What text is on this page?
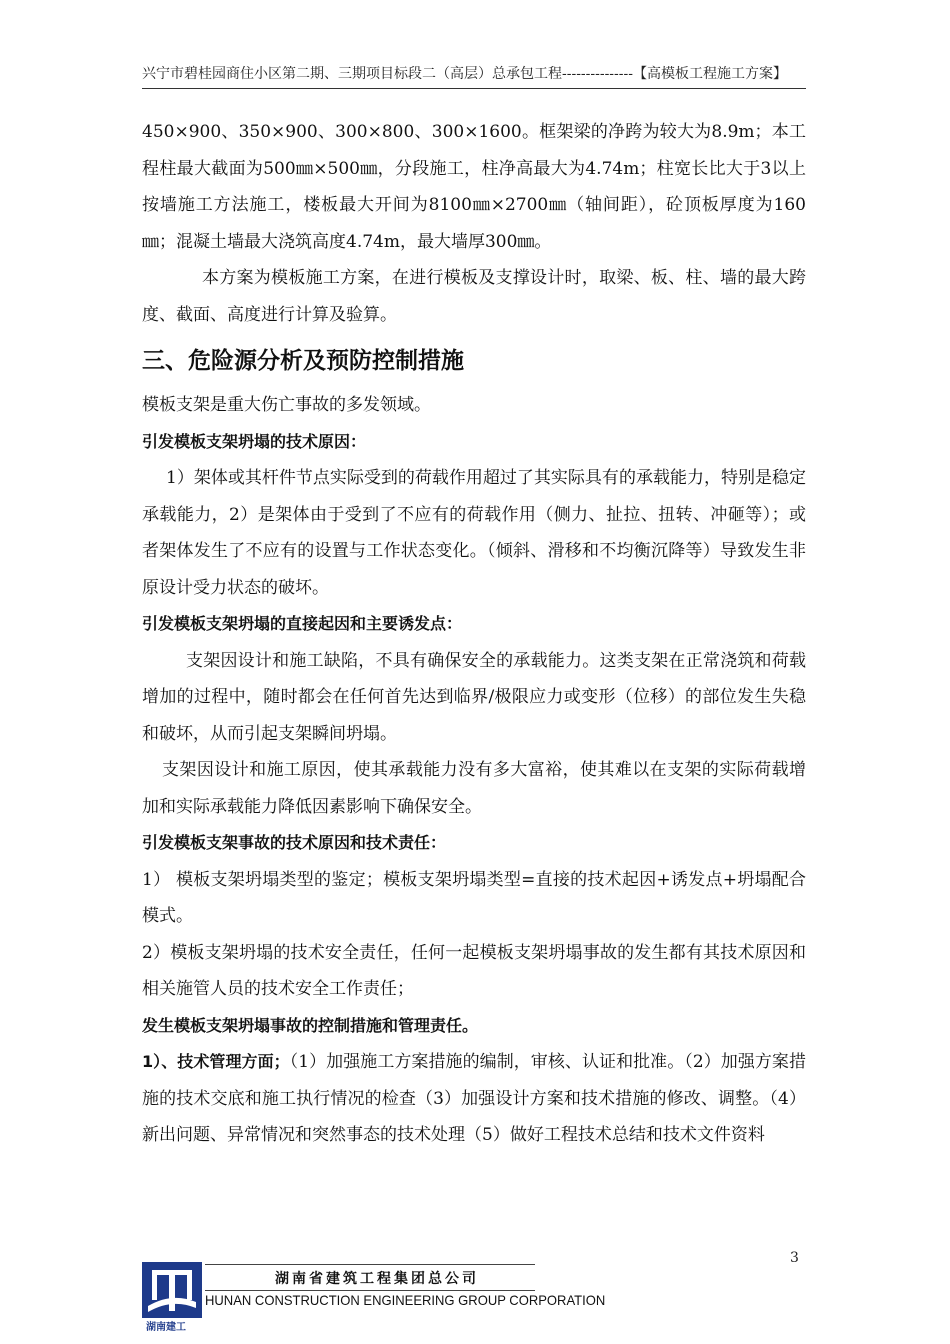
兴宁市碧桂园商住小区第二期、三期项目标段二（高层）总承包工程---------------【高模板工程施工方案】

450×900、350×900、300×800、300×1600。框架梁的净跨为较大为8.9m；本工程柱最大截面为500㎜×500㎜，分段施工，柱净高最大为4.74m；柱宽长比大于3以上按墙施工方法施工，楼板最大开间为8100㎜×2700㎜（轴间距），砼顶板厚度为160㎜；混凝土墙最大浇筑高度4.74m，最大墙厚300㎜。

本方案为模板施工方案，在进行模板及支撑设计时，取梁、板、柱、墙的最大跨度、截面、高度进行计算及验算。

三、危险源分析及预防控制措施

模板支架是重大伤亡事故的多发领域。

引发模板支架坍塌的技术原因：

1）架体或其杆件节点实际受到的荷载作用超过了其实际具有的承载能力，特别是稳定承载能力，2）是架体由于受到了不应有的荷载作用（侧力、扯拉、扭转、冲砸等）；或者架体发生了不应有的设置与工作状态变化。（倾斜、滑移和不均衡沉降等）导致发生非原设计受力状态的破坏。

引发模板支架坍塌的直接起因和主要诱发点：

支架因设计和施工缺陷，不具有确保安全的承载能力。这类支架在正常浇筑和荷载增加的过程中，随时都会在任何首先达到临界/极限应力或变形（位移）的部位发生失稳和破坏，从而引起支架瞬间坍塌。

支架因设计和施工原因，使其承载能力没有多大富裕，使其难以在支架的实际荷载增加和实际承载能力降低因素影响下确保安全。

引发模板支架事故的技术原因和技术责任：

1） 模板支架坍塌类型的鉴定；模板支架坍塌类型=直接的技术起因+诱发点+坍塌配合模式。

2）模板支架坍塌的技术安全责任，任何一起模板支架坍塌事故的发生都有其技术原因和相关施管人员的技术安全工作责任；

发生模板支架坍塌事故的控制措施和管理责任。

1）、技术管理方面；（1）加强施工方案措施的编制，审核、认证和批准。（2）加强方案措施的技术交底和施工执行情况的检查（3）加强设计方案和技术措施的修改、调整。（4）新出问题、异常情况和突然事态的技术处理（5）做好工程技术总结和技术文件资料

3
湖南建工
湖南省建筑工程集团总公司
HUNAN CONSTRUCTION ENGINEERING GROUP CORPORATION
